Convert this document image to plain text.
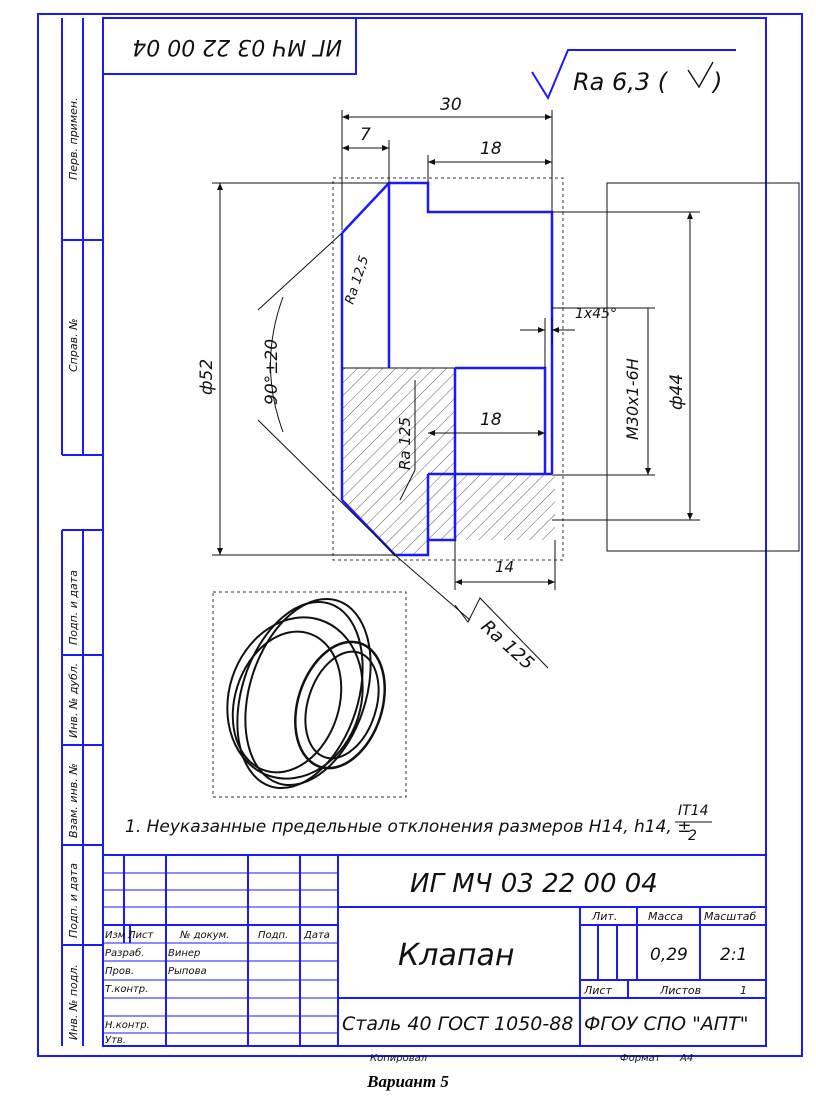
Перв. примен.
Справ. №
Подп. и дата
Инв. № дубл.
Взам. инв. №
Подп. и дата
Инв. № подл.
ИГ МЧ 03 22 00 04
Ra 6,3 ( )
30
7
18
ф52	90°±20
Ra 12,5
18
Ra 125
14
Ra 125
ф44
M30x1-6H
1x45°
1. Неуказанные предельные отклонения размеров H14, h14, ±
IT14
2
ИГ МЧ 03 22 00 04
Клапан
Сталь 40 ГОСТ 1050-88 ФГОУ СПО "АПТ"
Изм Лист	№ докум.	Подп. Дата
Разраб. Винер
Пров.	Рыпова
Т.контр.
Н.контр.
Утв.
Лит.	Масса Масштаб
0,29 2:1
Лист	Листов	1
Копировал	Формат А4
Вариант 5
